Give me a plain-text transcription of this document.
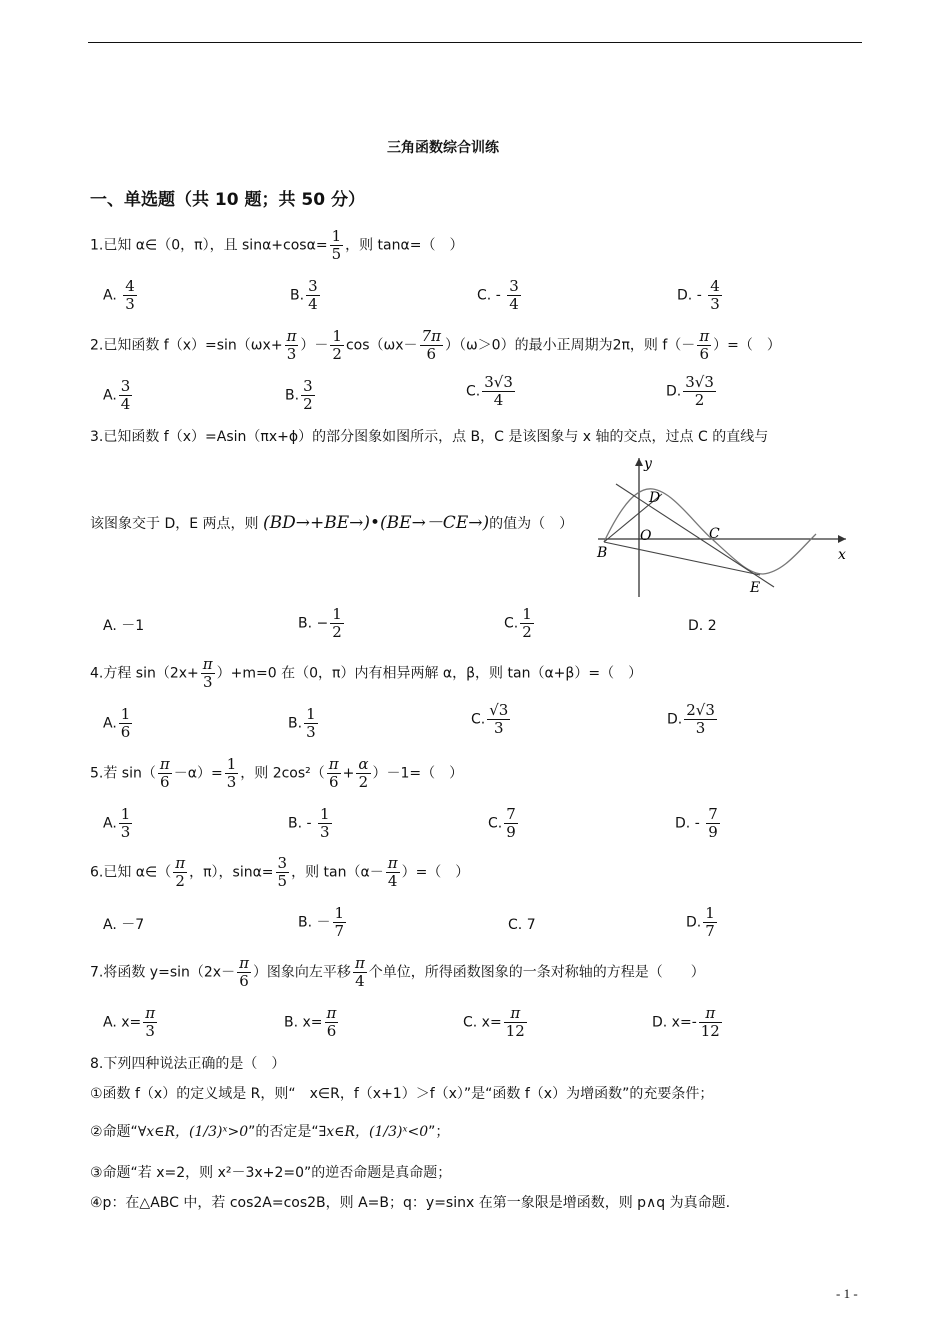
三角函数综合训练
一、单选题（共 10 题；共 50 分）
1.已知 α∈（0，π），且 $\sin\alpha+\cos\alpha= \frac{1}{5}$ ，则 tanα=（　）
A. $\frac{4}{3}$	B. $\frac{3}{4}$	C. - $\frac{3}{4}$	D. - $\frac{4}{3}$
2.已知函数 $f(x)=\sin(\omega x+ \frac{\pi}{3}$ ）－ $\frac{1}{2} \cos(\omega x- \frac{7\pi}{6} )(\omega>0)$的最小正周期为2π，则 $f(- \frac{\pi}{6}$ ）=（　）
A. $\frac{3}{4}$	B. $\frac{3}{2}$	C. $\frac{3√3}{4}$	D. $\frac{3√3}{2}$
3.已知函数 f（x）=Asin（πx+ϕ）的部分图象如图所示，点 B，C 是该图象与 x 轴的交点，过点 C 的直线与
该图象交于 D，E 两点，则 (BD→+BE→)•(BE→－CE→)的值为（　）
y
x
D
O	C
B
E
A. －1	B. − $\frac{1}{2}$	C. $\frac{1}{2}$	D. 2
4.方程 $\sin(2x+ \frac{\pi}{3} )+m=0$ 在（0，π）内有相异两解 α，β，则 tan（α+β）=（　）
A. $\frac{1}{6}$	B. $\frac{1}{3}$	C. $\frac{√3}{3}$	D. $\frac{2√3}{3}$
5.若 $\sin( \frac{\pi}{6} -\alpha)= \frac{1}{3}$ ，则 $2\cos^2( \frac{\pi}{6} + \frac{\alpha}{2} )-1=$（　）
A. $\frac{1}{3}$	B. - $\frac{1}{3}$	C. $\frac{7}{9}$	D. - $\frac{7}{9}$
6.已知 α∈（ $\frac{\pi}{2}$ ，π），$\sin\alpha= \frac{3}{5}$ ，则 $\tan(\alpha- \frac{\pi}{4}$ ）=（　）
A. －7	B. － $\frac{1}{7}$	C. 7	D. $\frac{1}{7}$
7.将函数 $y=\sin(2x- \frac{\pi}{6}$ ）图象向左平移 $\frac{\pi}{4}$ 个单位，所得函数图象的一条对称轴的方程是（　　）
A. $x= \frac{\pi}{3}$	B. $x= \frac{\pi}{6}$	C. $x= \frac{\pi}{12}$	D. $x=- \frac{\pi}{12}$
8.下列四种说法正确的是（　）
①函数 f（x）的定义域是 R，则“　x∈R，f（x+1）＞f（x）”是“函数 f（x）为增函数”的充要条件；
②命题“∀x∈R，(1/3)ˣ>0”的否定是“∃x∈R，(1/3)ˣ<0”；
③命题“若 x=2，则 x²－3x+2=0”的逆否命题是真命题；
④p：在△ABC 中，若 cos2A=cos2B，则 A=B；q：y=sinx 在第一象限是增函数，则 p∧q 为真命题.
- 1 -
